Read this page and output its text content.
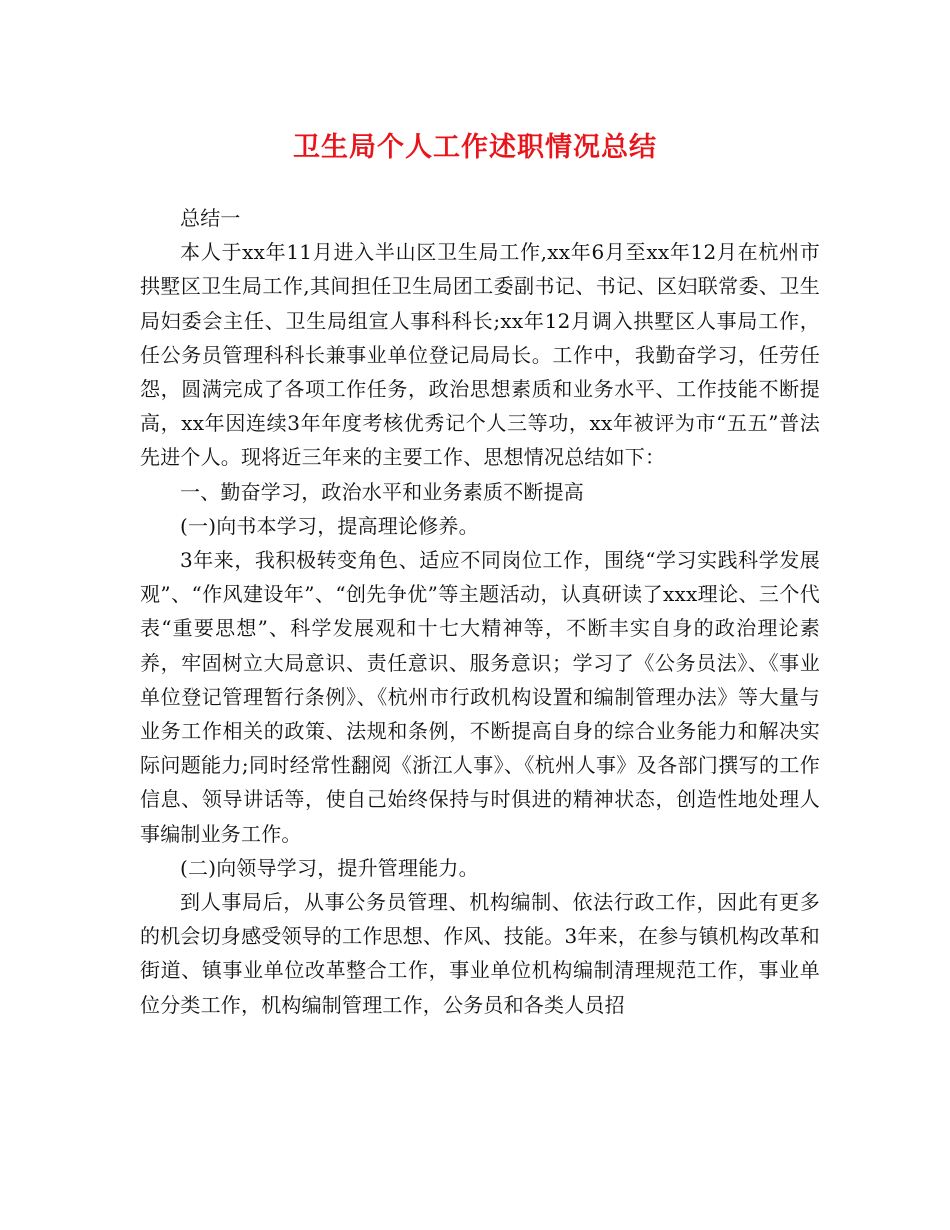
卫生局个人工作述职情况总结

总结一

本人于xx年11月进入半山区卫生局工作,xx年6月至xx年12月在杭州市拱墅区卫生局工作,其间担任卫生局团工委副书记、书记、区妇联常委、卫生局妇委会主任、卫生局组宣人事科科长;xx年12月调入拱墅区人事局工作，任公务员管理科科长兼事业单位登记局局长。工作中，我勤奋学习，任劳任怨，圆满完成了各项工作任务，政治思想素质和业务水平、工作技能不断提高，xx年因连续3年年度考核优秀记个人三等功，xx年被评为市“五五”普法先进个人。现将近三年来的主要工作、思想情况总结如下：

一、勤奋学习，政治水平和业务素质不断提高

(一)向书本学习，提高理论修养。

3年来，我积极转变角色、适应不同岗位工作，围绕“学习实践科学发展观”、“作风建设年”、“创先争优”等主题活动，认真研读了xxx理论、三个代表“重要思想”、科学发展观和十七大精神等，不断丰实自身的政治理论素养，牢固树立大局意识、责任意识、服务意识；学习了《公务员法》、《事业单位登记管理暂行条例》、《杭州市行政机构设置和编制管理办法》等大量与业务工作相关的政策、法规和条例，不断提高自身的综合业务能力和解决实际问题能力;同时经常性翻阅《浙江人事》、《杭州人事》及各部门撰写的工作信息、领导讲话等，使自己始终保持与时俱进的精神状态，创造性地处理人事编制业务工作。

(二)向领导学习，提升管理能力。

到人事局后，从事公务员管理、机构编制、依法行政工作，因此有更多的机会切身感受领导的工作思想、作风、技能。3年来，在参与镇机构改革和街道、镇事业单位改革整合工作，事业单位机构编制清理规范工作，事业单位分类工作，机构编制管理工作，公务员和各类人员招
